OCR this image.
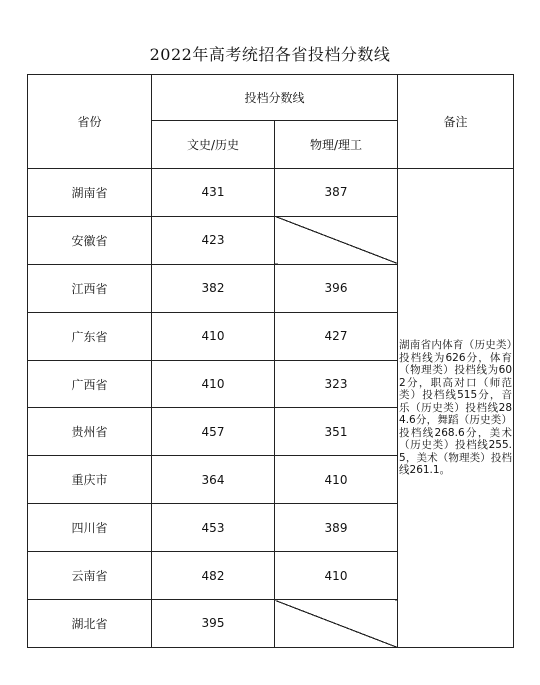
2022年高考统招各省投档分数线
省份	投档分数线		备注
	文史/历史	物理/理工	
湖南省	431	387	湖南省内体育（历史类）投档线为626分，体育（物理类）投档线为602分，职高对口（师范类）投档线515分，音乐（历史类）投档线284.6分，舞蹈（历史类）投档线268.6分，美术（历史类）投档线255.5，美术（物理类）投档线261.1。

安徽省	423		
江西省	382	396	
广东省	410	427	
广西省	410	323	
贵州省	457	351	
重庆市	364	410	
四川省	453	389	
云南省	482	410	
湖北省	395		
